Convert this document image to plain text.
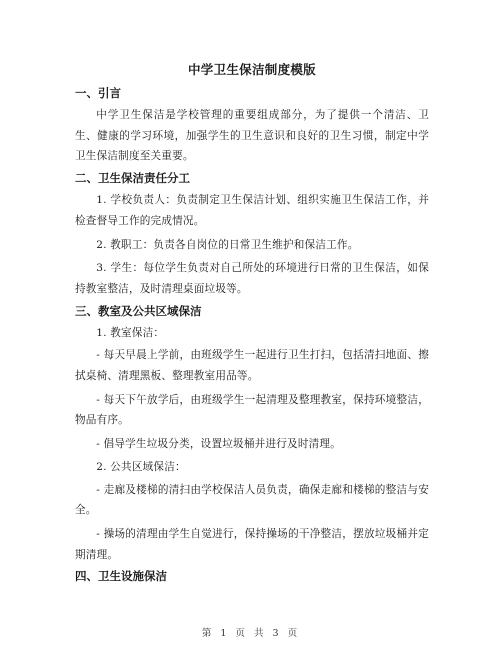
中学卫生保洁制度模版
一、引言

中学卫生保洁是学校管理的重要组成部分，为了提供一个清洁、卫生、健康的学习环境，加强学生的卫生意识和良好的卫生习惯，制定中学卫生保洁制度至关重要。

二、卫生保洁责任分工

1. 学校负责人：负责制定卫生保洁计划、组织实施卫生保洁工作，并检查督导工作的完成情况。

2. 教职工：负责各自岗位的日常卫生维护和保洁工作。

3. 学生：每位学生负责对自己所处的环境进行日常的卫生保洁，如保持教室整洁，及时清理桌面垃圾等。

三、教室及公共区域保洁

1. 教室保洁：

- 每天早晨上学前，由班级学生一起进行卫生打扫，包括清扫地面、擦拭桌椅、清理黑板、整理教室用品等。

- 每天下午放学后，由班级学生一起清理及整理教室，保持环境整洁，物品有序。

- 倡导学生垃圾分类，设置垃圾桶并进行及时清理。

2. 公共区域保洁：

- 走廊及楼梯的清扫由学校保洁人员负责，确保走廊和楼梯的整洁与安全。

- 操场的清理由学生自觉进行，保持操场的干净整洁，摆放垃圾桶并定期清理。

四、卫生设施保洁
第 1 页 共 3 页
